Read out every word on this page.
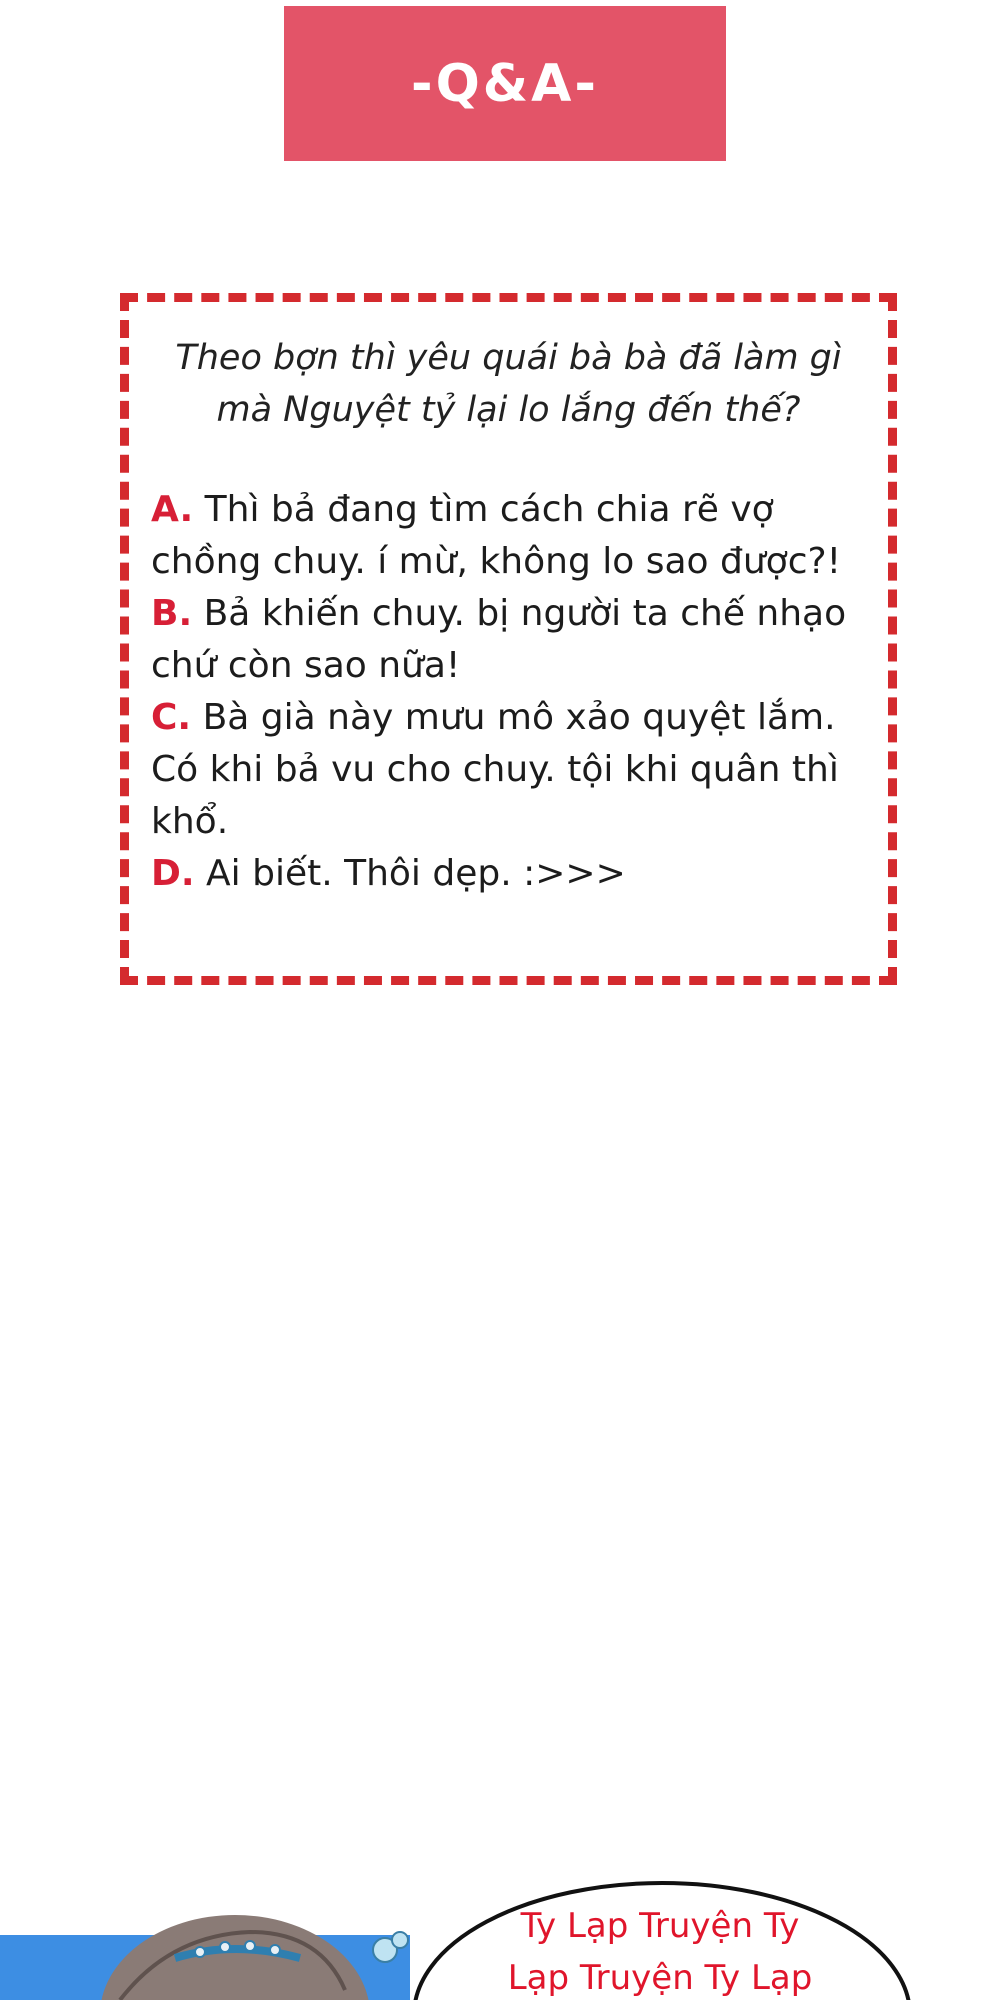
-Q&A-
Theo bợn thì yêu quái bà bà đã làm gì
mà Nguyệt tỷ lại lo lắng đến thế?
A. Thì bả đang tìm cách chia rẽ vợ
chồng chuy. í mừ, không lo sao được?!
B. Bả khiến chuy. bị người ta chế nhạo
chứ còn sao nữa!
C. Bà già này mưu mô xảo quyệt lắm.
Có khi bả vu cho chuy. tội khi quân thì
khổ.
D. Ai biết. Thôi dẹp. :>>>
Ty Lạp Truyện Ty
Lạp Truyện Ty Lạp
